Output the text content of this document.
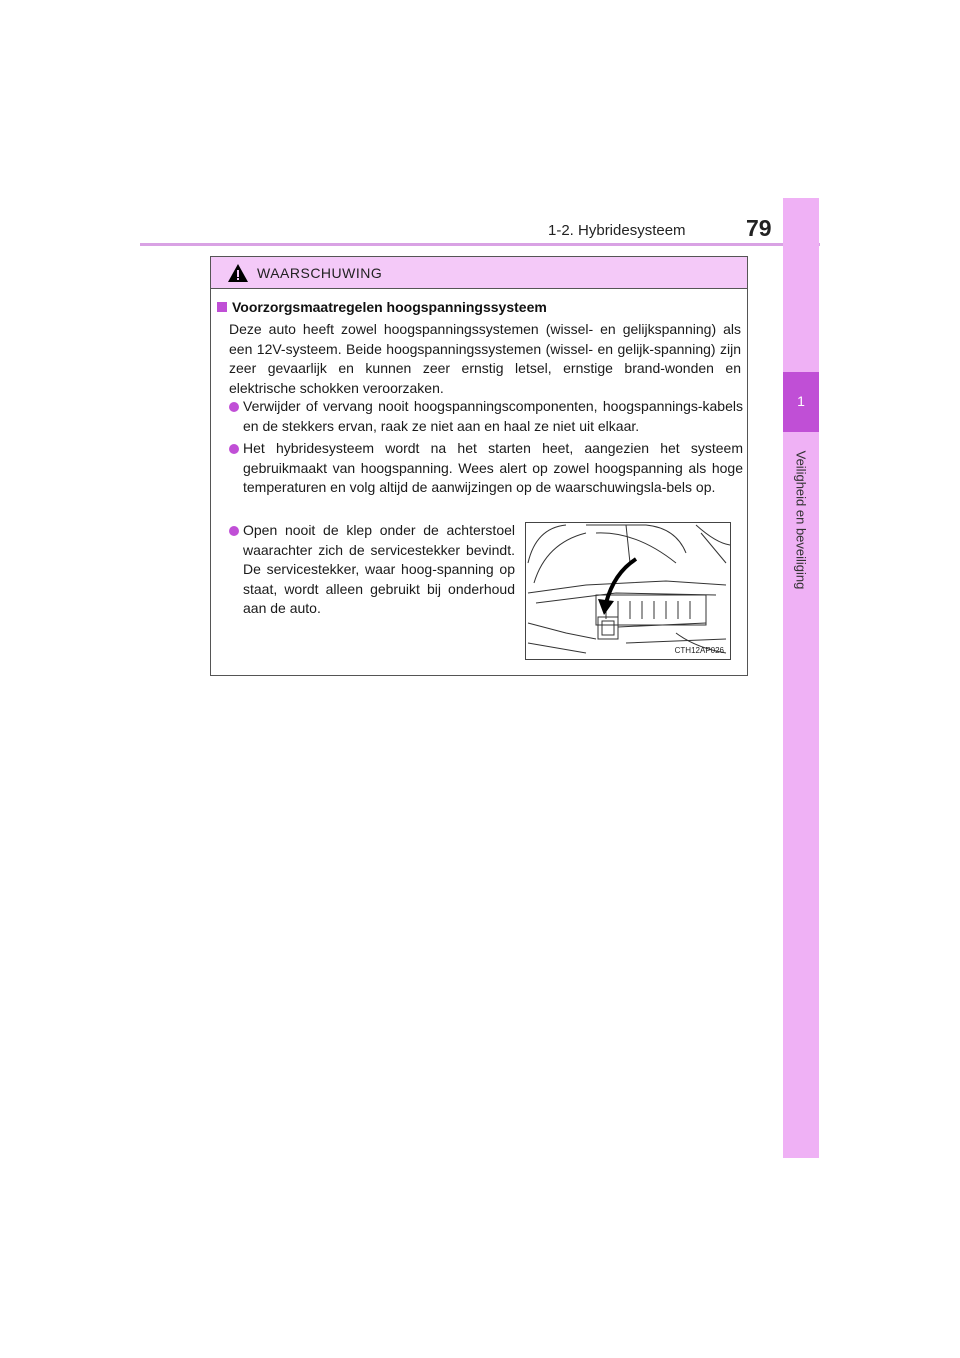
1-2. Hybridesysteem	79
1
Veiligheid en beveiliging
WAARSCHUWING
Voorzorgsmaatregelen hoogspanningssysteem
Deze auto heeft zowel hoogspanningssystemen (wissel- en gelijkspanning) als een 12V-systeem. Beide hoogspanningssystemen (wissel- en gelijk-spanning) zijn zeer gevaarlijk en kunnen zeer ernstig letsel, ernstige brand-wonden en elektrische schokken veroorzaken.
Verwijder of vervang nooit hoogspanningscomponenten, hoogspannings-kabels en de stekkers ervan, raak ze niet aan en haal ze niet uit elkaar.
Het hybridesysteem wordt na het starten heet, aangezien het systeem gebruikmaakt van hoogspanning. Wees alert op zowel hoogspanning als hoge temperaturen en volg altijd de aanwijzingen op de waarschuwingsla-bels op.
Open nooit de klep onder de achterstoel waarachter zich de servicestekker bevindt. De servicestekker, waar hoog-spanning op staat, wordt alleen gebruikt bij onderhoud aan de auto.
CTH12AP026
